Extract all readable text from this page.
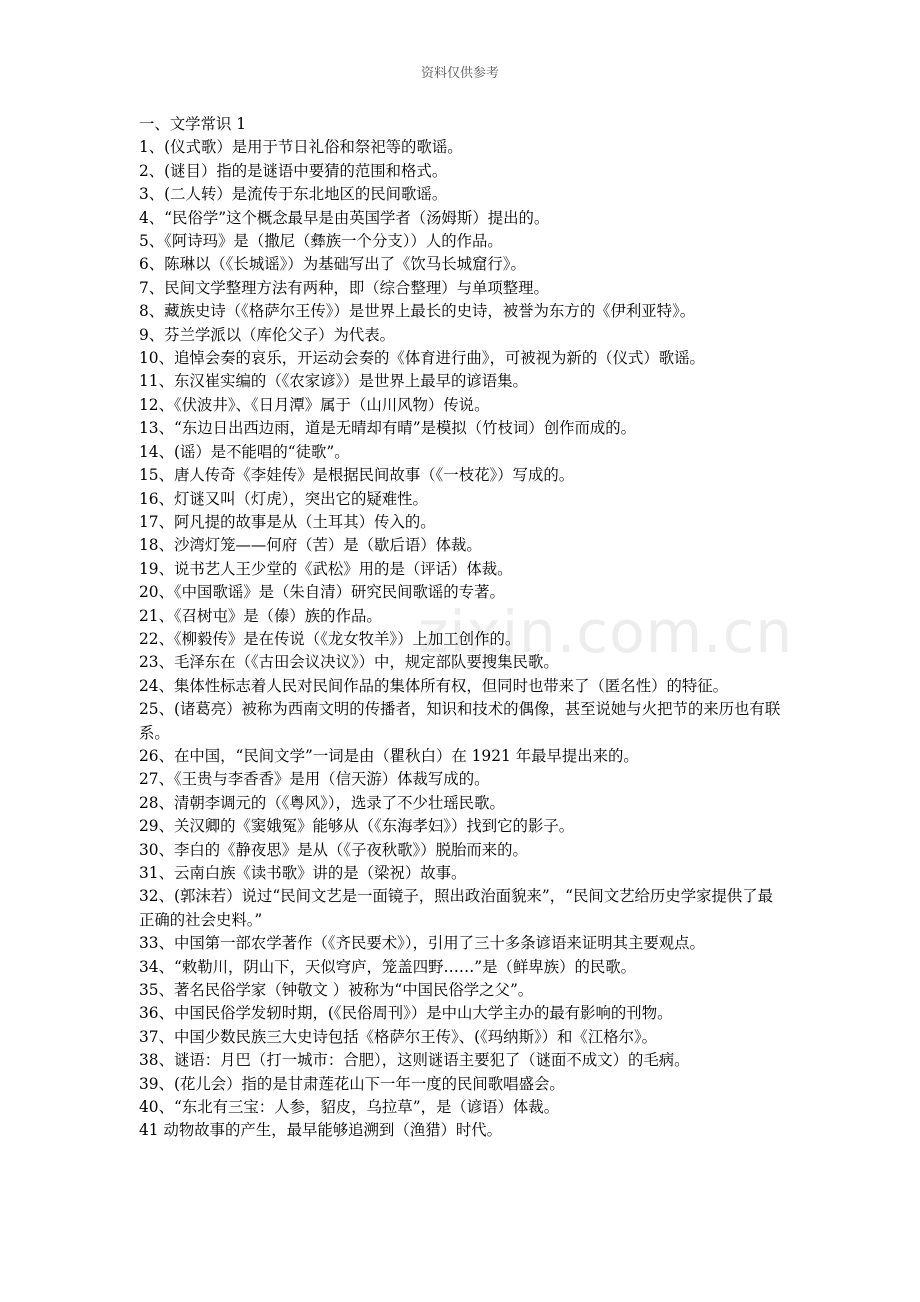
资料仅供参考
zixin.com.cn
一、文学常识 1
1、(仪式歌）是用于节日礼俗和祭祀等的歌谣。
2、(谜目）指的是谜语中要猜的范围和格式。
3、(二人转）是流传于东北地区的民间歌谣。
4、“民俗学”这个概念最早是由英国学者（汤姆斯）提出的。
5、《阿诗玛》是（撒尼（彝族一个分支））人的作品。
6、陈琳以（《长城谣》）为基础写出了《饮马长城窟行》。
7、民间文学整理方法有两种，即（综合整理）与单项整理。
8、藏族史诗（《格萨尔王传》）是世界上最长的史诗，被誉为东方的《伊利亚特》。
9、芬兰学派以（库伦父子）为代表。
10、追悼会奏的哀乐，开运动会奏的《体育进行曲》，可被视为新的（仪式）歌谣。
11、东汉崔实编的（《农家谚》）是世界上最早的谚语集。
12、《伏波井》、《日月潭》属于（山川风物）传说。
13、“东边日出西边雨，道是无晴却有晴”是模拟（竹枝词）创作而成的。
14、(谣）是不能唱的“徒歌”。
15、唐人传奇《李娃传》是根据民间故事（《一枝花》）写成的。
16、灯谜又叫（灯虎），突出它的疑难性。
17、阿凡提的故事是从（土耳其）传入的。
18、沙湾灯笼——何府（苦）是（歇后语）体裁。
19、说书艺人王少堂的《武松》用的是（评话）体裁。
20、《中国歌谣》是（朱自清）研究民间歌谣的专著。
21、《召树屯》是（傣）族的作品。
22、《柳毅传》是在传说（《龙女牧羊》）上加工创作的。
23、毛泽东在（《古田会议决议》）中，规定部队要搜集民歌。
24、集体性标志着人民对民间作品的集体所有权，但同时也带来了（匿名性）的特征。
25、(诸葛亮）被称为西南文明的传播者，知识和技术的偶像，甚至说她与火把节的来历也有联系。
26、在中国，“民间文学”一词是由（瞿秋白）在 1921 年最早提出来的。
27、《王贵与李香香》是用（信天游）体裁写成的。
28、清朝李调元的（《粤风》），选录了不少壮瑶民歌。
29、关汉卿的《窦娥冤》能够从（《东海孝妇》）找到它的影子。
30、李白的《静夜思》是从（《子夜秋歌》）脱胎而来的。
31、云南白族《读书歌》讲的是（梁祝）故事。
32、(郭沫若）说过“民间文艺是一面镜子，照出政治面貌来”，“民间文艺给历史学家提供了最正确的社会史料。”
33、中国第一部农学著作（《齐民要术》），引用了三十多条谚语来证明其主要观点。
34、“敕勒川，阴山下，天似穹庐，笼盖四野……”是（鲜卑族）的民歌。
35、著名民俗学家（钟敬文 ）被称为“中国民俗学之父”。
36、中国民俗学发轫时期，(《民俗周刊》）是中山大学主办的最有影响的刊物。
37、中国少数民族三大史诗包括《格萨尔王传》、(《玛纳斯》）和《江格尔》。
38、谜语：月巴（打一城市：合肥），这则谜语主要犯了（谜面不成文）的毛病。
39、(花儿会）指的是甘肃莲花山下一年一度的民间歌唱盛会。
40、“东北有三宝：人参，貂皮，乌拉草”，是（谚语）体裁。
41 动物故事的产生，最早能够追溯到（渔猎）时代。
